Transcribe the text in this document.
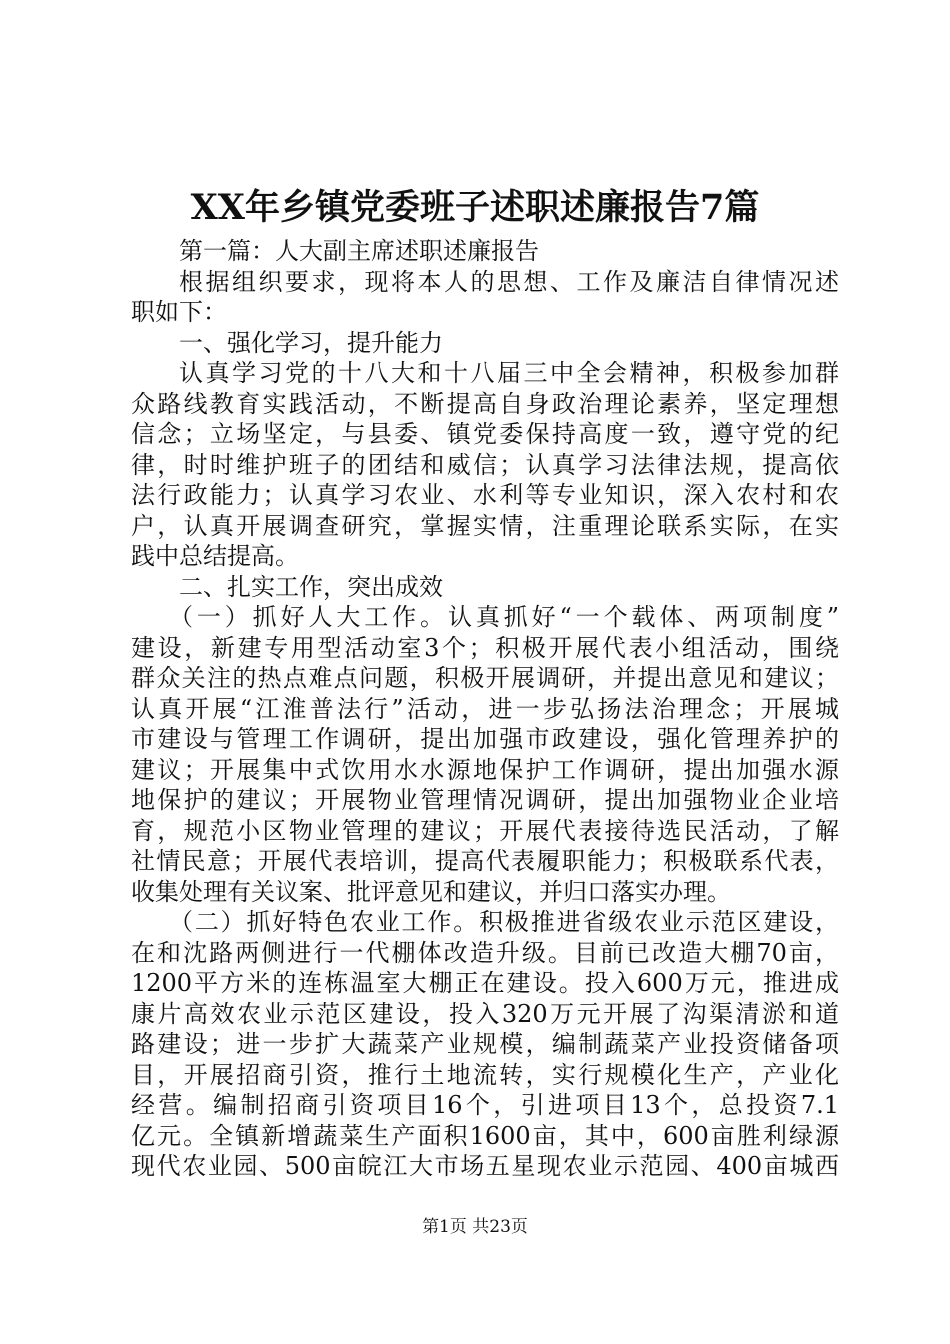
XX年乡镇党委班子述职述廉报告7篇
第一篇：人大副主席述职述廉报告
根据组织要求，现将本人的思想、工作及廉洁自律情况述
职如下：
一、强化学习，提升能力
认真学习党的十八大和十八届三中全会精神，积极参加群
众路线教育实践活动，不断提高自身政治理论素养，坚定理想
信念；立场坚定，与县委、镇党委保持高度一致，遵守党的纪
律，时时维护班子的团结和威信；认真学习法律法规，提高依
法行政能力；认真学习农业、水利等专业知识，深入农村和农
户，认真开展调查研究，掌握实情，注重理论联系实际，在实
践中总结提高。
二、扎实工作，突出成效
（一）抓好人大工作。认真抓好“一个载体、两项制度”
建设，新建专用型活动室3个；积极开展代表小组活动，围绕
群众关注的热点难点问题，积极开展调研，并提出意见和建议；
认真开展“江淮普法行”活动，进一步弘扬法治理念；开展城
市建设与管理工作调研，提出加强市政建设，强化管理养护的
建议；开展集中式饮用水水源地保护工作调研，提出加强水源
地保护的建议；开展物业管理情况调研，提出加强物业企业培
育，规范小区物业管理的建议；开展代表接待选民活动，了解
社情民意；开展代表培训，提高代表履职能力；积极联系代表，
收集处理有关议案、批评意见和建议，并归口落实办理。
（二）抓好特色农业工作。积极推进省级农业示范区建设，
在和沈路两侧进行一代棚体改造升级。目前已改造大棚70亩，
1200平方米的连栋温室大棚正在建设。投入600万元，推进成
康片高效农业示范区建设，投入320万元开展了沟渠清淤和道
路建设；进一步扩大蔬菜产业规模，编制蔬菜产业投资储备项
目，开展招商引资，推行土地流转，实行规模化生产，产业化
经营。编制招商引资项目16个，引进项目13个，总投资7.1
亿元。全镇新增蔬菜生产面积1600亩，其中，600亩胜利绿源
现代农业园、500亩皖江大市场五星现农业示范园、400亩城西
第1页 共23页
